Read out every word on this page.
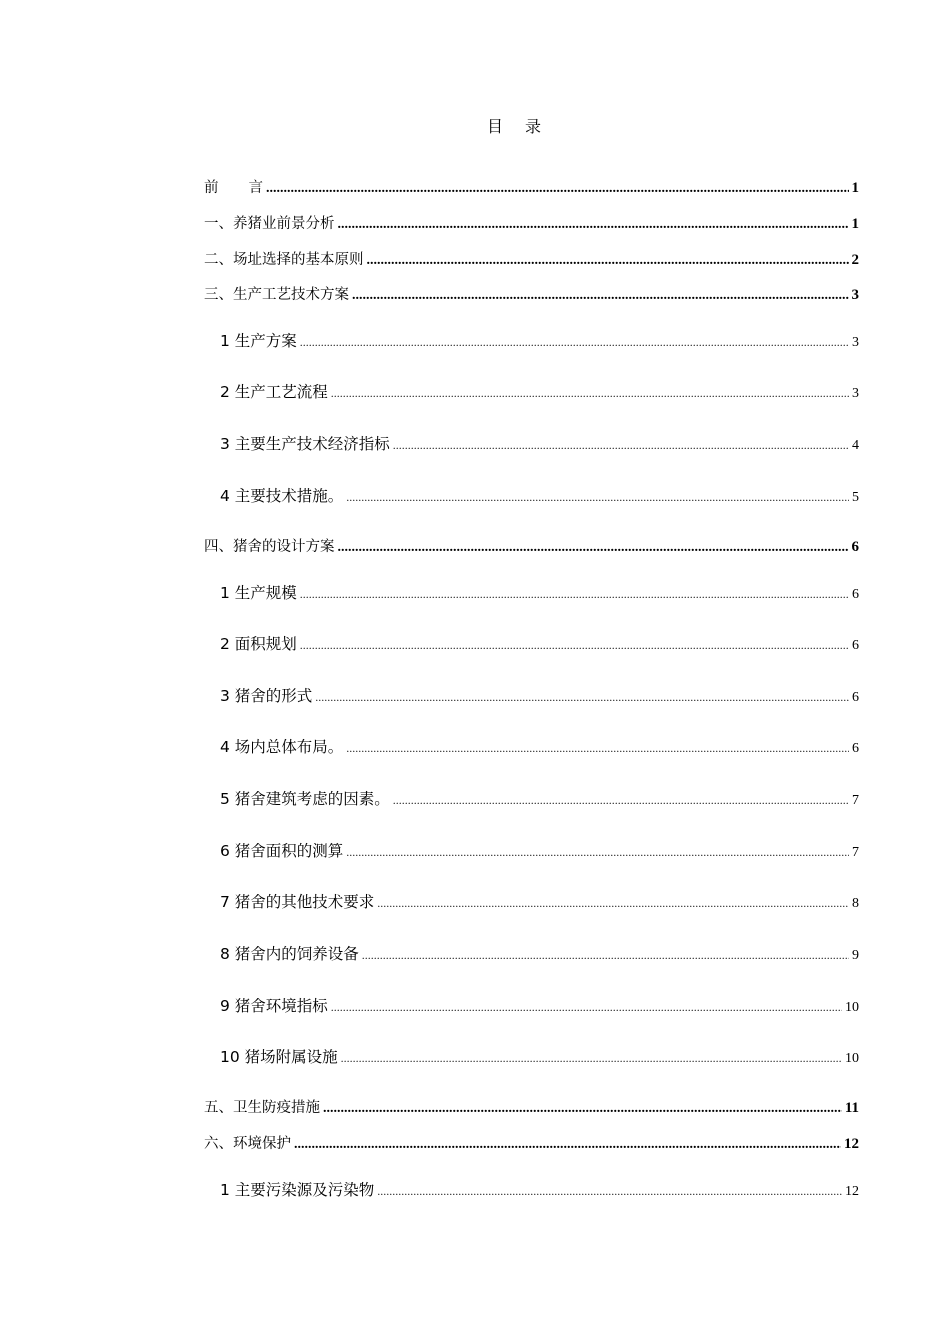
目 录
前 言 .....	1
一、养猪业前景分析 .....	1
二、场址选择的基本原则 .....	2
三、生产工艺技术方案 .....	3
1 生产方案 .....	3
2 生产工艺流程 .....	3
3 主要生产技术经济指标 .....	4
4 主要技术措施。 .....	5
四、猪舍的设计方案 .....	6
1 生产规模 .....	6
2 面积规划 .....	6
3 猪舍的形式 .....	6
4 场内总体布局。 .....	6
5 猪舍建筑考虑的因素。 .....	7
6 猪舍面积的测算 .....	7
7 猪舍的其他技术要求 .....	8
8 猪舍内的饲养设备 .....	9
9 猪舍环境指标 .....	10
10 猪场附属设施 .....	10
五、卫生防疫措施 .....	11
六、环境保护 .....	12
1 主要污染源及污染物 .....	12
